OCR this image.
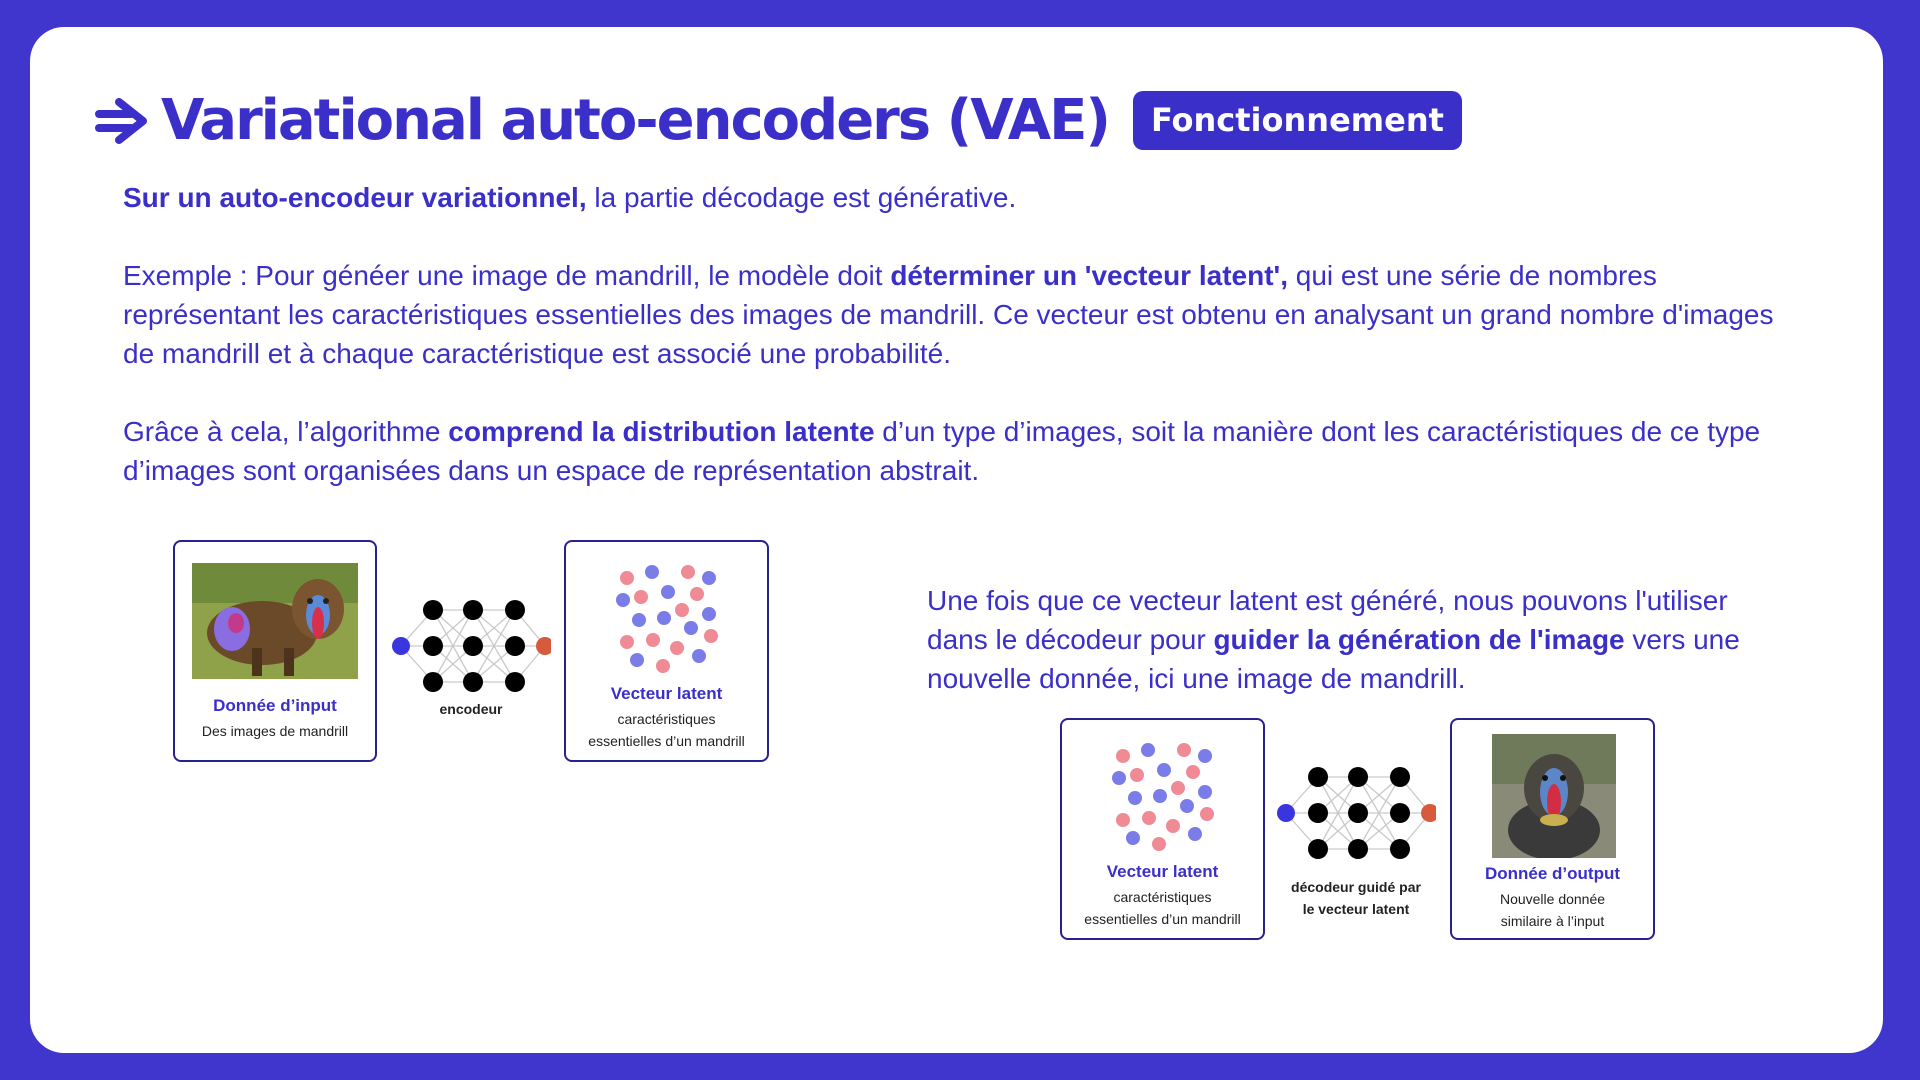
Variational auto-encoders (VAE)	Fonctionnement

Sur un auto-encodeur variationnel, la partie décodage est générative.

Exemple : Pour généer une image de mandrill, le modèle doit déterminer un 'vecteur latent', qui est une série de nombres représentant les caractéristiques essentielles des images de mandrill. Ce vecteur est obtenu en analysant un grand nombre d'images de mandrill et à chaque caractéristique est associé une probabilité.

Grâce à cela, l’algorithme comprend la distribution latente d’un type d’images, soit la manière dont les caractéristiques de ce type d’images sont organisées dans un espace de représentation abstrait.

Une fois que ce vecteur latent est généré, nous pouvons l'utiliser dans le décodeur pour guider la génération de l'image vers une nouvelle donnée, ici une image de mandrill.

Donnée d’input
Des images de mandrill
encodeur
Vecteur latent
caractéristiques
essentielles d’un mandrill
Vecteur latent
caractéristiques
essentielles d’un mandrill
décodeur guidé par
le vecteur latent
Donnée d’output
Nouvelle donnée
similaire à l’input
